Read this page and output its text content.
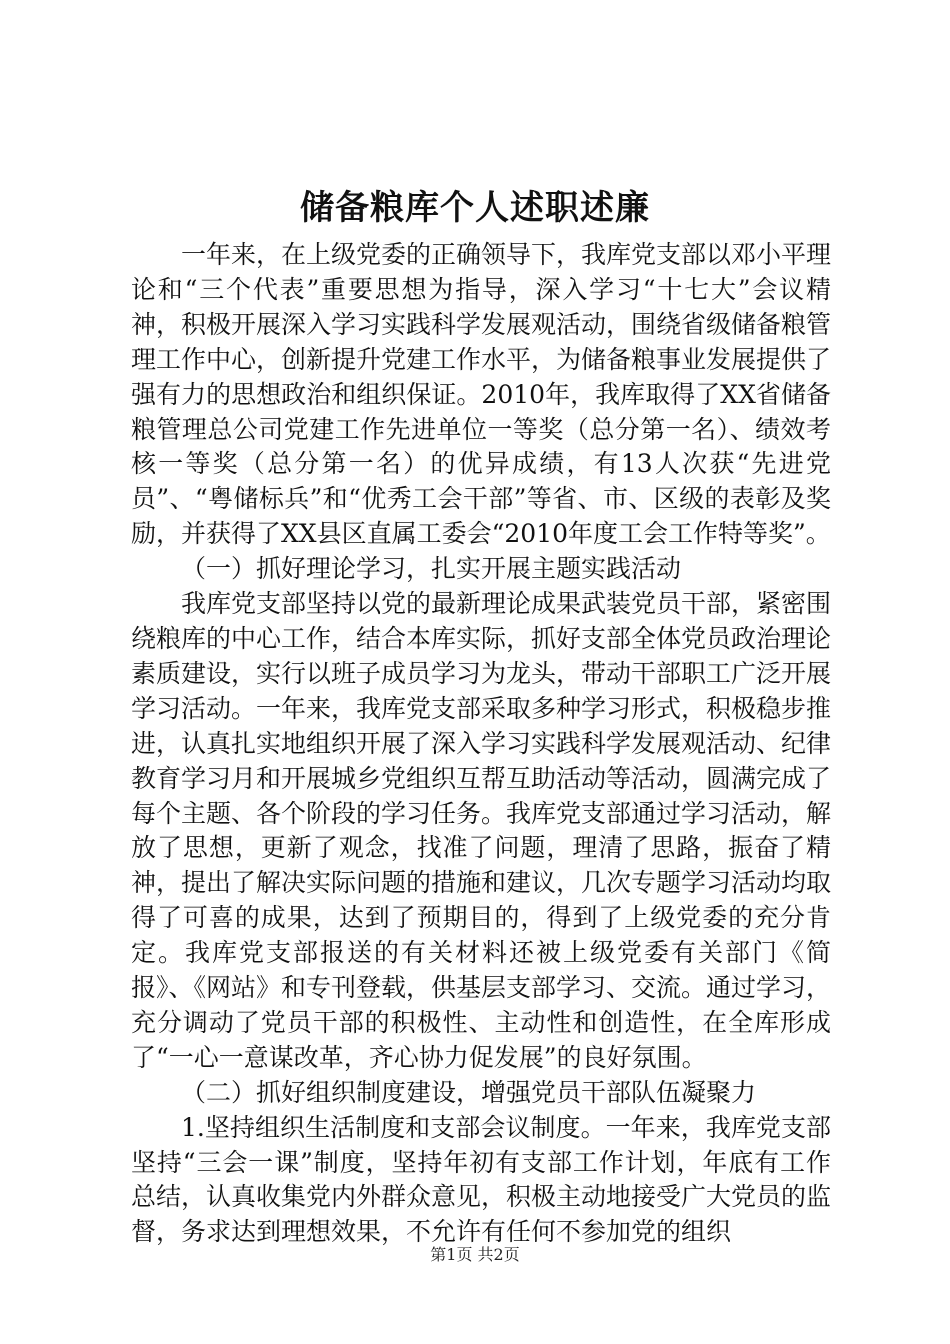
储备粮库个人述职述廉

一年来，在上级党委的正确领导下，我库党支部以邓小平理论和“三个代表”重要思想为指导，深入学习“十七大”会议精神，积极开展深入学习实践科学发展观活动，围绕省级储备粮管理工作中心，创新提升党建工作水平，为储备粮事业发展提供了强有力的思想政治和组织保证。2010年，我库取得了XX省储备粮管理总公司党建工作先进单位一等奖（总分第一名）、绩效考核一等奖（总分第一名）的优异成绩，有13人次获“先进党员”、“粤储标兵”和“优秀工会干部”等省、市、区级的表彰及奖励，并获得了XX县区直属工委会“2010年度工会工作特等奖”。

（一）抓好理论学习，扎实开展主题实践活动

我库党支部坚持以党的最新理论成果武装党员干部，紧密围绕粮库的中心工作，结合本库实际，抓好支部全体党员政治理论素质建设，实行以班子成员学习为龙头，带动干部职工广泛开展学习活动。一年来，我库党支部采取多种学习形式，积极稳步推进，认真扎实地组织开展了深入学习实践科学发展观活动、纪律教育学习月和开展城乡党组织互帮互助活动等活动，圆满完成了每个主题、各个阶段的学习任务。我库党支部通过学习活动，解放了思想，更新了观念，找准了问题，理清了思路，振奋了精神，提出了解决实际问题的措施和建议，几次专题学习活动均取得了可喜的成果，达到了预期目的，得到了上级党委的充分肯定。我库党支部报送的有关材料还被上级党委有关部门《简报》、《网站》和专刊登载，供基层支部学习、交流。通过学习，充分调动了党员干部的积极性、主动性和创造性，在全库形成了“一心一意谋改革，齐心协力促发展”的良好氛围。

（二）抓好组织制度建设，增强党员干部队伍凝聚力

1.坚持组织生活制度和支部会议制度。一年来，我库党支部坚持“三会一课”制度，坚持年初有支部工作计划，年底有工作总结，认真收集党内外群众意见，积极主动地接受广大党员的监督，务求达到理想效果，不允许有任何不参加党的组织

第1页 共2页
